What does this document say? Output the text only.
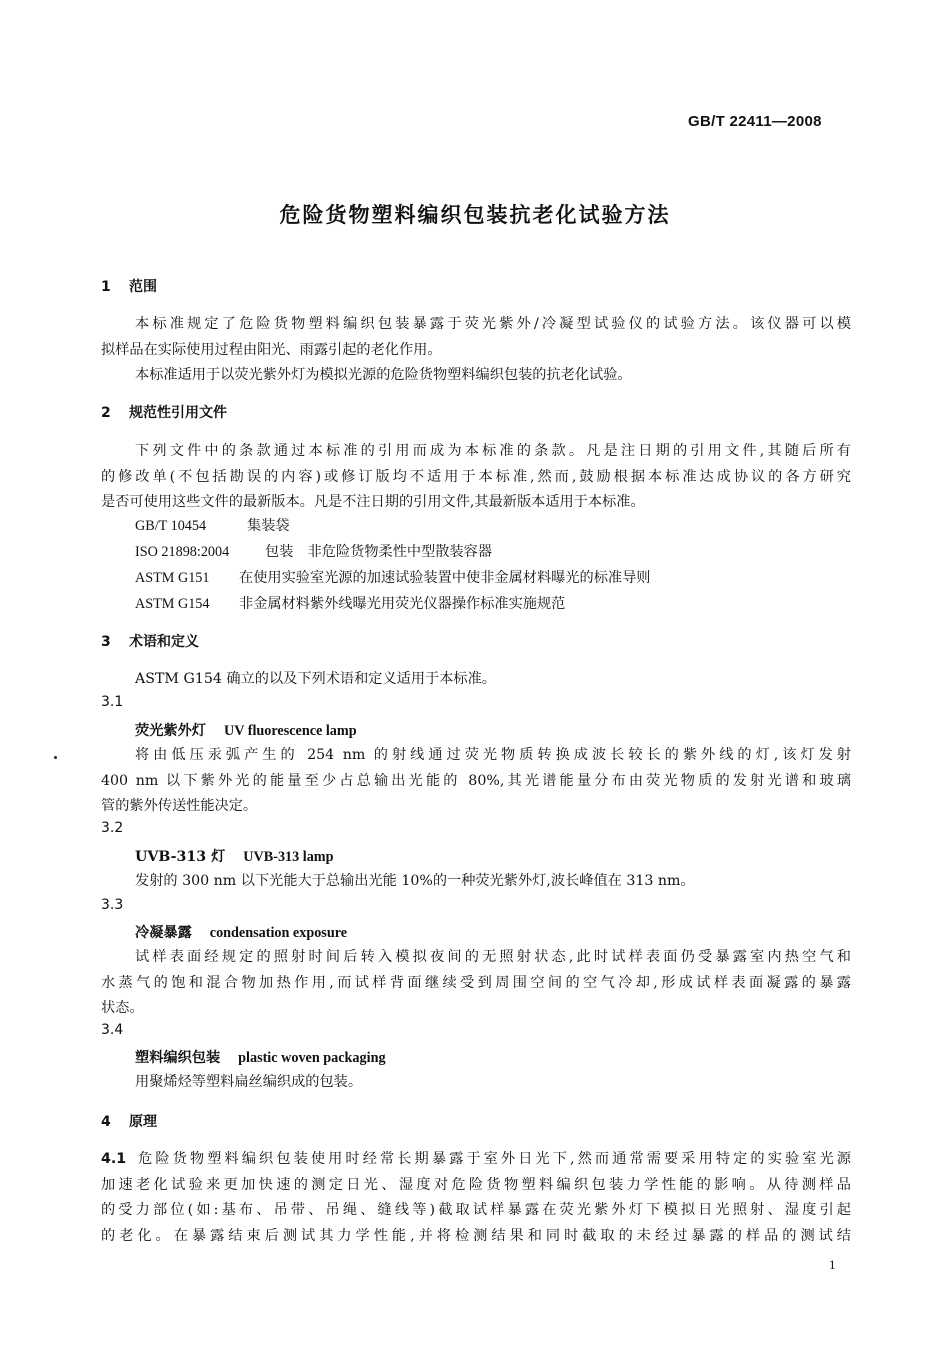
GB/T 22411—2008
危险货物塑料编织包装抗老化试验方法
1 范围
本标准规定了危险货物塑料编织包装暴露于荧光紫外/冷凝型试验仪的试验方法。该仪器可以模
拟样品在实际使用过程由阳光、雨露引起的老化作用。
本标准适用于以荧光紫外灯为模拟光源的危险货物塑料编织包装的抗老化试验。
2 规范性引用文件
下列文件中的条款通过本标准的引用而成为本标准的条款。凡是注日期的引用文件,其随后所有
的修改单(不包括勘误的内容)或修订版均不适用于本标准,然而,鼓励根据本标准达成协议的各方研究
是否可使用这些文件的最新版本。凡是不注日期的引用文件,其最新版本适用于本标准。
GB/T 10454	集装袋
ISO 21898:2004	包装　非危险货物柔性中型散装容器
ASTM G151 在使用实验室光源的加速试验装置中使非金属材料曝光的标准导则
ASTM G154 非金属材料紫外线曝光用荧光仪器操作标准实施规范
3 术语和定义
ASTM G154 确立的以及下列术语和定义适用于本标准。
3.1
荧光紫外灯 UV fluorescence lamp
将由低压汞弧产生的 254 nm 的射线通过荧光物质转换成波长较长的紫外线的灯,该灯发射
400 nm 以下紫外光的能量至少占总输出光能的 80%,其光谱能量分布由荧光物质的发射光谱和玻璃
管的紫外传送性能决定。
3.2
UVB-313 灯 UVB-313 lamp
发射的 300 nm 以下光能大于总输出光能 10%的一种荧光紫外灯,波长峰值在 313 nm。
3.3
冷凝暴露 condensation exposure
试样表面经规定的照射时间后转入模拟夜间的无照射状态,此时试样表面仍受暴露室内热空气和
水蒸气的饱和混合物加热作用,而试样背面继续受到周围空间的空气冷却,形成试样表面凝露的暴露
状态。
3.4
塑料编织包装 plastic woven packaging
用聚烯烃等塑料扁丝编织成的包装。
4 原理
4.1 危险货物塑料编织包装使用时经常长期暴露于室外日光下,然而通常需要采用特定的实验室光源
加速老化试验来更加快速的测定日光、湿度对危险货物塑料编织包装力学性能的影响。从待测样品
的受力部位(如:基布、吊带、吊绳、缝线等)截取试样暴露在荧光紫外灯下模拟日光照射、湿度引起
的老化。在暴露结束后测试其力学性能,并将检测结果和同时截取的未经过暴露的样品的测试结
1
